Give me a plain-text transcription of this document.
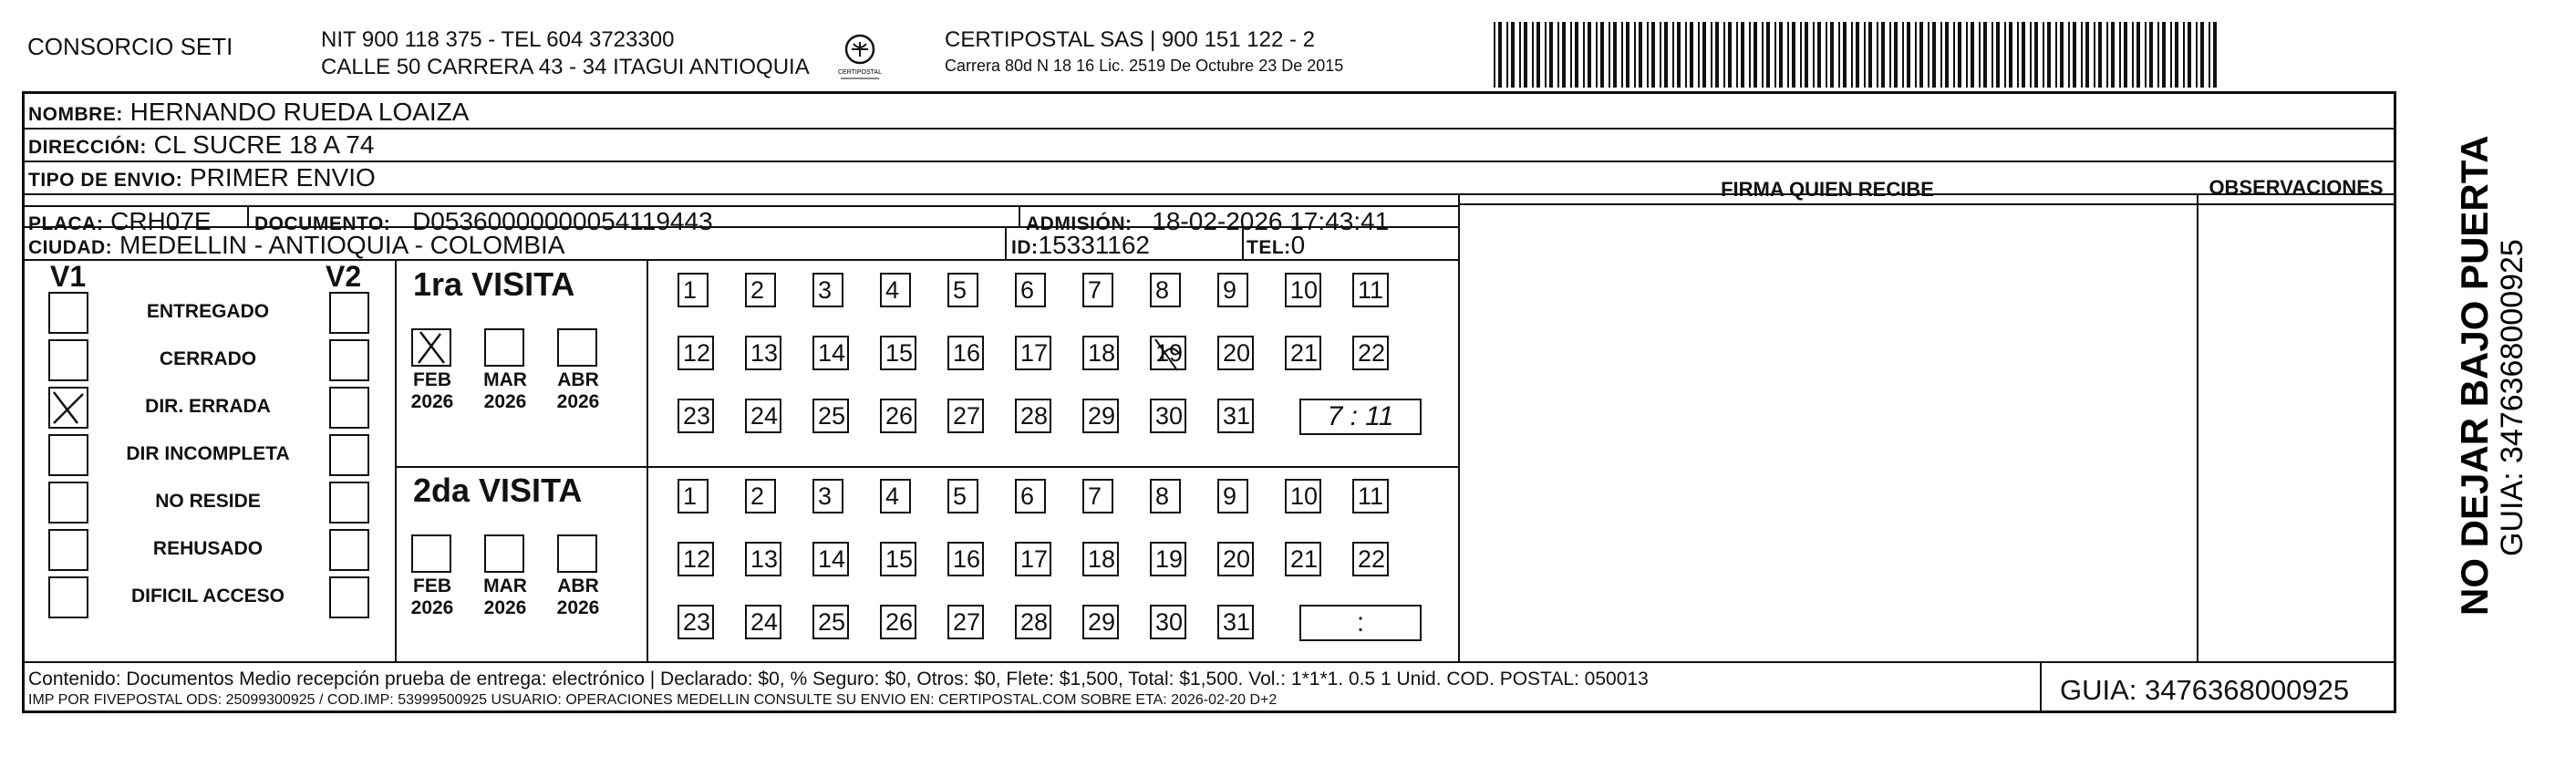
CONSORCIO SETI	NIT 900 118 375 - TEL 604 3723300
CALLE 50 CARRERA 43 - 34 ITAGUI ANTIOQUIA	CERTIPOSTAL
CERTIPOSTAL SAS | 900 151 122 - 2
Carrera 80d N 18 16 Lic. 2519 De Octubre 23 De 2015
NOMBRE: HERNANDO RUEDA LOAIZA
DIRECCIÓN: CL SUCRE 18 A 74
TIPO DE ENVIO: PRIMER ENVIO	FIRMA QUIEN RECIBE	OBSERVACIONES
PLACA: CRH07E DOCUMENTO: D05360000000054119443	ADMISIÓN: 18-02-2026 17:43:41
CIUDAD: MEDELLIN - ANTIOQUIA - COLOMBIA	ID:15331162	TEL:0
V1	V2
ENTREGADO
CERRADO
DIR. ERRADA
DIR INCOMPLETA
NO RESIDE
REHUSADO
DIFICIL ACCESO
1ra VISITA
FEB
2026
MAR
2026
ABR
2026
1	2	3	4	5	6	7	8	9	10 11
12 13 14 15 16 17 18 19 20 21 22
23 24 25 26 27 28 29 30 31	7 : 11
2da VISITA
FEB
2026
MAR
2026
ABR
2026
1	2	3	4	5	6	7	8	9	10 11
12 13 14 15 16 17 18 19 20 21 22
23 24 25 26 27 28 29 30 31	:
Contenido: Documentos Medio recepción prueba de entrega: electrónico | Declarado: $0, % Seguro: $0, Otros: $0, Flete: $1,500, Total: $1,500. Vol.: 1*1*1. 0.5 1 Unid. COD. POSTAL: 050013
IMP POR FIVEPOSTAL ODS: 25099300925 / COD.IMP: 53999500925 USUARIO: OPERACIONES MEDELLIN CONSULTE SU ENVIO EN: CERTIPOSTAL.COM SOBRE ETA: 2026-02-20 D+2	GUIA: 3476368000925
NO DEJAR BAJO PUERTA GUIA: 3476368000925
